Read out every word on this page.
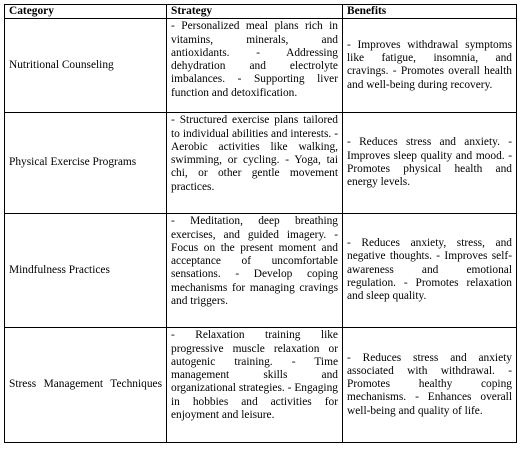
Category	Strategy	Benefits
Nutritional Counseling	- Personalized meal plans rich in vitamins, minerals, and antioxidants. - Addressing dehydration and electrolyte imbalances. - Supporting liver function and detoxification.	- Improves withdrawal symptoms like fatigue, insomnia, and cravings. - Promotes overall health and well-being during recovery.
Physical Exercise Programs	- Structured exercise plans tailored to individual abilities and interests. - Aerobic activities like walking, swimming, or cycling. - Yoga, tai chi, or other gentle movement practices.	- Reduces stress and anxiety. - Improves sleep quality and mood. - Promotes physical health and energy levels.
Mindfulness Practices	- Meditation, deep breathing exercises, and guided imagery. - Focus on the present moment and acceptance of uncomfortable sensations. - Develop coping mechanisms for managing cravings and triggers.	- Reduces anxiety, stress, and negative thoughts. - Improves self-awareness and emotional regulation. - Promotes relaxation and sleep quality.
Stress Management Techniques	- Relaxation training like progressive muscle relaxation or autogenic training. - Time management skills and organizational strategies. - Engaging in hobbies and activities for enjoyment and leisure.	- Reduces stress and anxiety associated with withdrawal. - Promotes healthy coping mechanisms. - Enhances overall well-being and quality of life.
